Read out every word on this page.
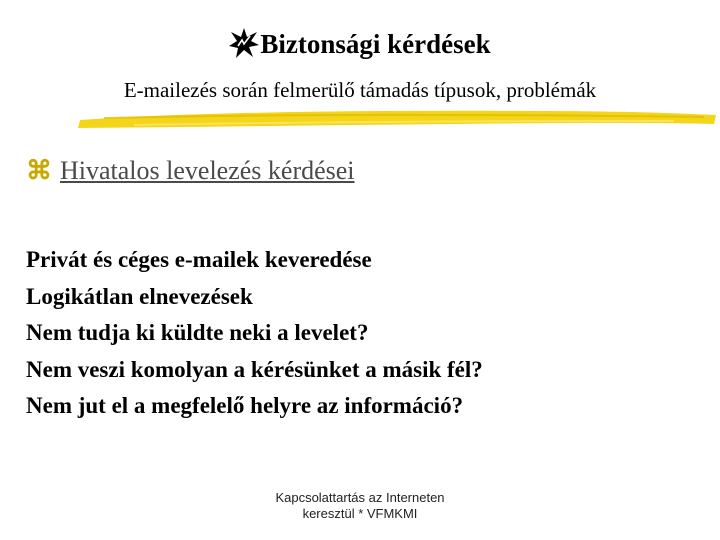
Biztonsági kérdések
E-mailezés során felmerülő támadás típusok, problémák
⌘ Hivatalos levelezés kérdései
Privát és céges e-mailek keveredése
Logikátlan elnevezések
Nem tudja ki küldte neki a levelet?
Nem veszi komolyan a kérésünket a másik fél?
Nem jut el a megfelelő helyre az információ?
Kapcsolattartás az Interneten
keresztül * VFMKMI
